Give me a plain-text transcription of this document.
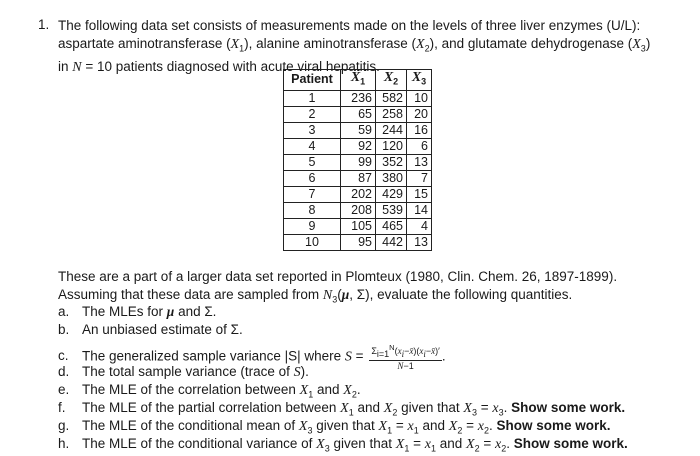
1. The following data set consists of measurements made on the levels of three liver enzymes (U/L):
aspartate aminotransferase $(X_1)$, alanine aminotransferase $(X_2)$, and glutamate dehydrogenase $(X_3)$
in N = 10 patients diagnosed with acute viral hepatitis.
Patient	$X_1$	$X_2$	$X_3$
1	236	582	10
2	65	258	20
3	59	244	16
4	92	120	6
5	99	352	13
6	87	380	7
7	202	429	15
8	208	539	14
9	105	465	4
10	95	442	13
These are a part of a larger data set reported in Plomteux (1980, Clin. Chem. 26, 1897-1899).
Assuming that these data are sampled from $N_3(\mu$, Σ), evaluate the following quantities.
a. The MLEs for μ and Σ.
b. An unbiased estimate of Σ.
c. The generalized sample variance |S| where $S = \frac{\Sigma_{i=1}^N(x_i-x̄)(x_i-x̄)'}{N-1}$ .
d. The total sample variance (trace of S).
e. The MLE of the correlation between $X_1$ and $X_2$.
f. The MLE of the partial correlation between $X_1$ and $X_2$ given that $X_3 = x_3$. Show some work.
g. The MLE of the conditional mean of $X_3$ given that $X_1 = x_1$ and $X_2 = x_2$. Show some work.
h. The MLE of the conditional variance of $X_3$ given that $X_1 = x_1$ and $X_2 = x_2$. Show some work.
